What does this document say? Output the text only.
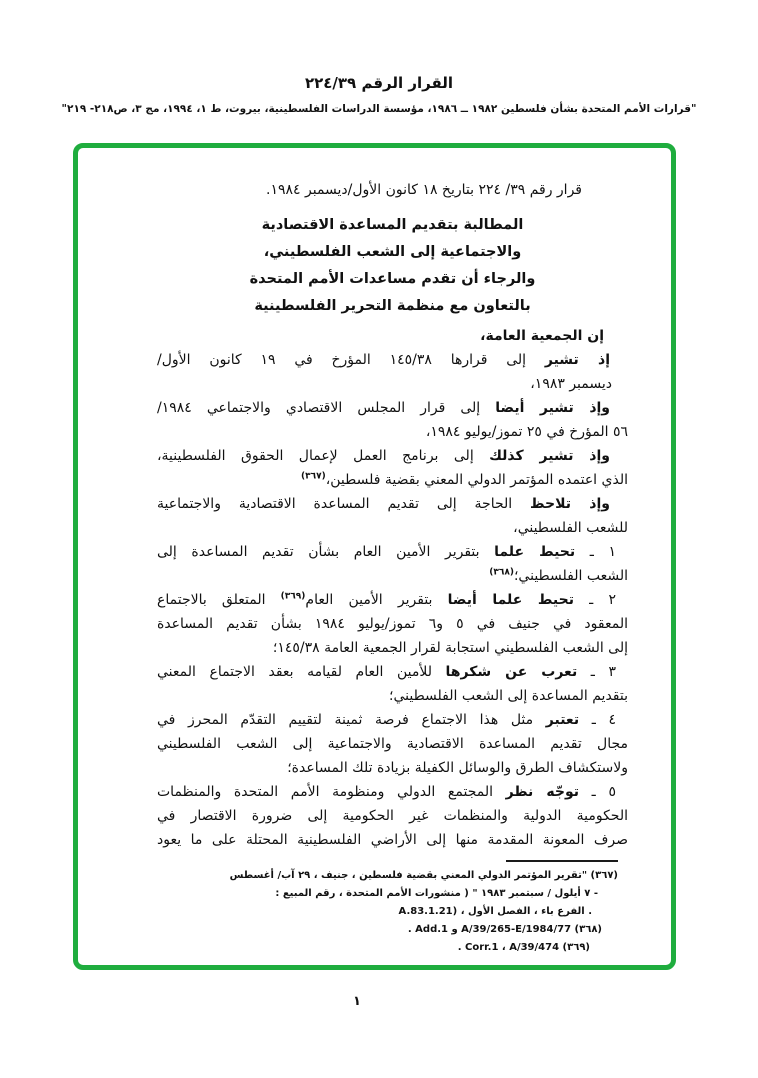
القرار الرقم ٣٩‏/‏٢٢٤
"قرارات الأمم المتحدة بشأن فلسطين ١٩٨٢ ــ ١٩٨٦، مؤسسة الدراسات الفلسطينية، بيروت، ط ١، ١٩٩٤، مج ٣، ص٢١٨‏- ٢١٩"
قرار رقم ٣٩‏/ ‏٢٢٤ بتاريخ ١٨ كانون الأول/ديسمبر ١٩٨٤.
المطالبة بتقديم المساعدة الاقتصادية
والاجتماعية إلى الشعب الفلسطيني،
والرجاء أن تقدم مساعدات الأمم المتحدة
بالتعاون مع منظمة التحرير الفلسطينية
إن الجمعية العامة،
إذ تشير إلى قرارها ٣٨‏/‏١٤٥ المؤرخ في ١٩ كانون الأول/
ديسمبر ١٩٨٣،
وإذ تشير أيضا إلى قرار المجلس الاقتصادي والاجتماعي ١٩٨٤/
٥٦ المؤرخ في ٢٥ تموز/يوليو ١٩٨٤،
وإذ تشير كذلك إلى برنامج العمل لإعمال الحقوق الفلسطينية،
الذي اعتمده المؤتمر الدولي المعني بقضية فلسطين،$^{(٣٦٧)}$
وإذ تلاحظ الحاجة إلى تقديم المساعدة الاقتصادية والاجتماعية
للشعب الفلسطيني،
١ ـ تحيط علما بتقرير الأمين العام بشأن تقديم المساعدة إلى
الشعب الفلسطيني؛$^{(٣٦٨)}$
٢ ـ تحيط علما أيضا بتقرير الأمين العام$^{(٣٦٩)}$ المتعلق بالاجتماع
المعقود في جنيف في ٥ و٦ تموز/يوليو ١٩٨٤ بشأن تقديم المساعدة
إلى الشعب الفلسطيني استجابة لقرار الجمعية العامة ٣٨‏/‏١٤٥؛
٣ ـ تعرب عن شكرها للأمين العام لقيامه بعقد الاجتماع المعني
بتقديم المساعدة إلى الشعب الفلسطيني؛
٤ ـ تعتبر مثل هذا الاجتماع فرصة ثمينة لتقييم التقدّم المحرز في
مجال تقديم المساعدة الاقتصادية والاجتماعية إلى الشعب الفلسطيني
ولاستكشاف الطرق والوسائل الكفيلة بزيادة تلك المساعدة؛
٥ ـ توجّه نظر المجتمع الدولي ومنظومة الأمم المتحدة والمنظمات
الحكومية الدولية والمنظمات غير الحكومية إلى ضرورة الاقتصار في
صرف المعونة المقدمة منها إلى الأراضي الفلسطينية المحتلة على ما يعود
(٣٦٧) "تقرير المؤتمر الدولي المعني بقضية فلسطين ، جنيف ، ٢٩ آب/ أغسطس
- ٧ أيلول / سبتمبر ١٩٨٣ " ( منشورات الأمم المتحدة ، رقم المبيع :
A.83.1.21) ، ‎الفصل الأول‎ ، ‎الفرع باء‎ .
(٣٦٨) A/39/265-E/1984/77 و Add.1 .
(٣٦٩) A/39/474 ‏، ‏Corr.1 .
١
